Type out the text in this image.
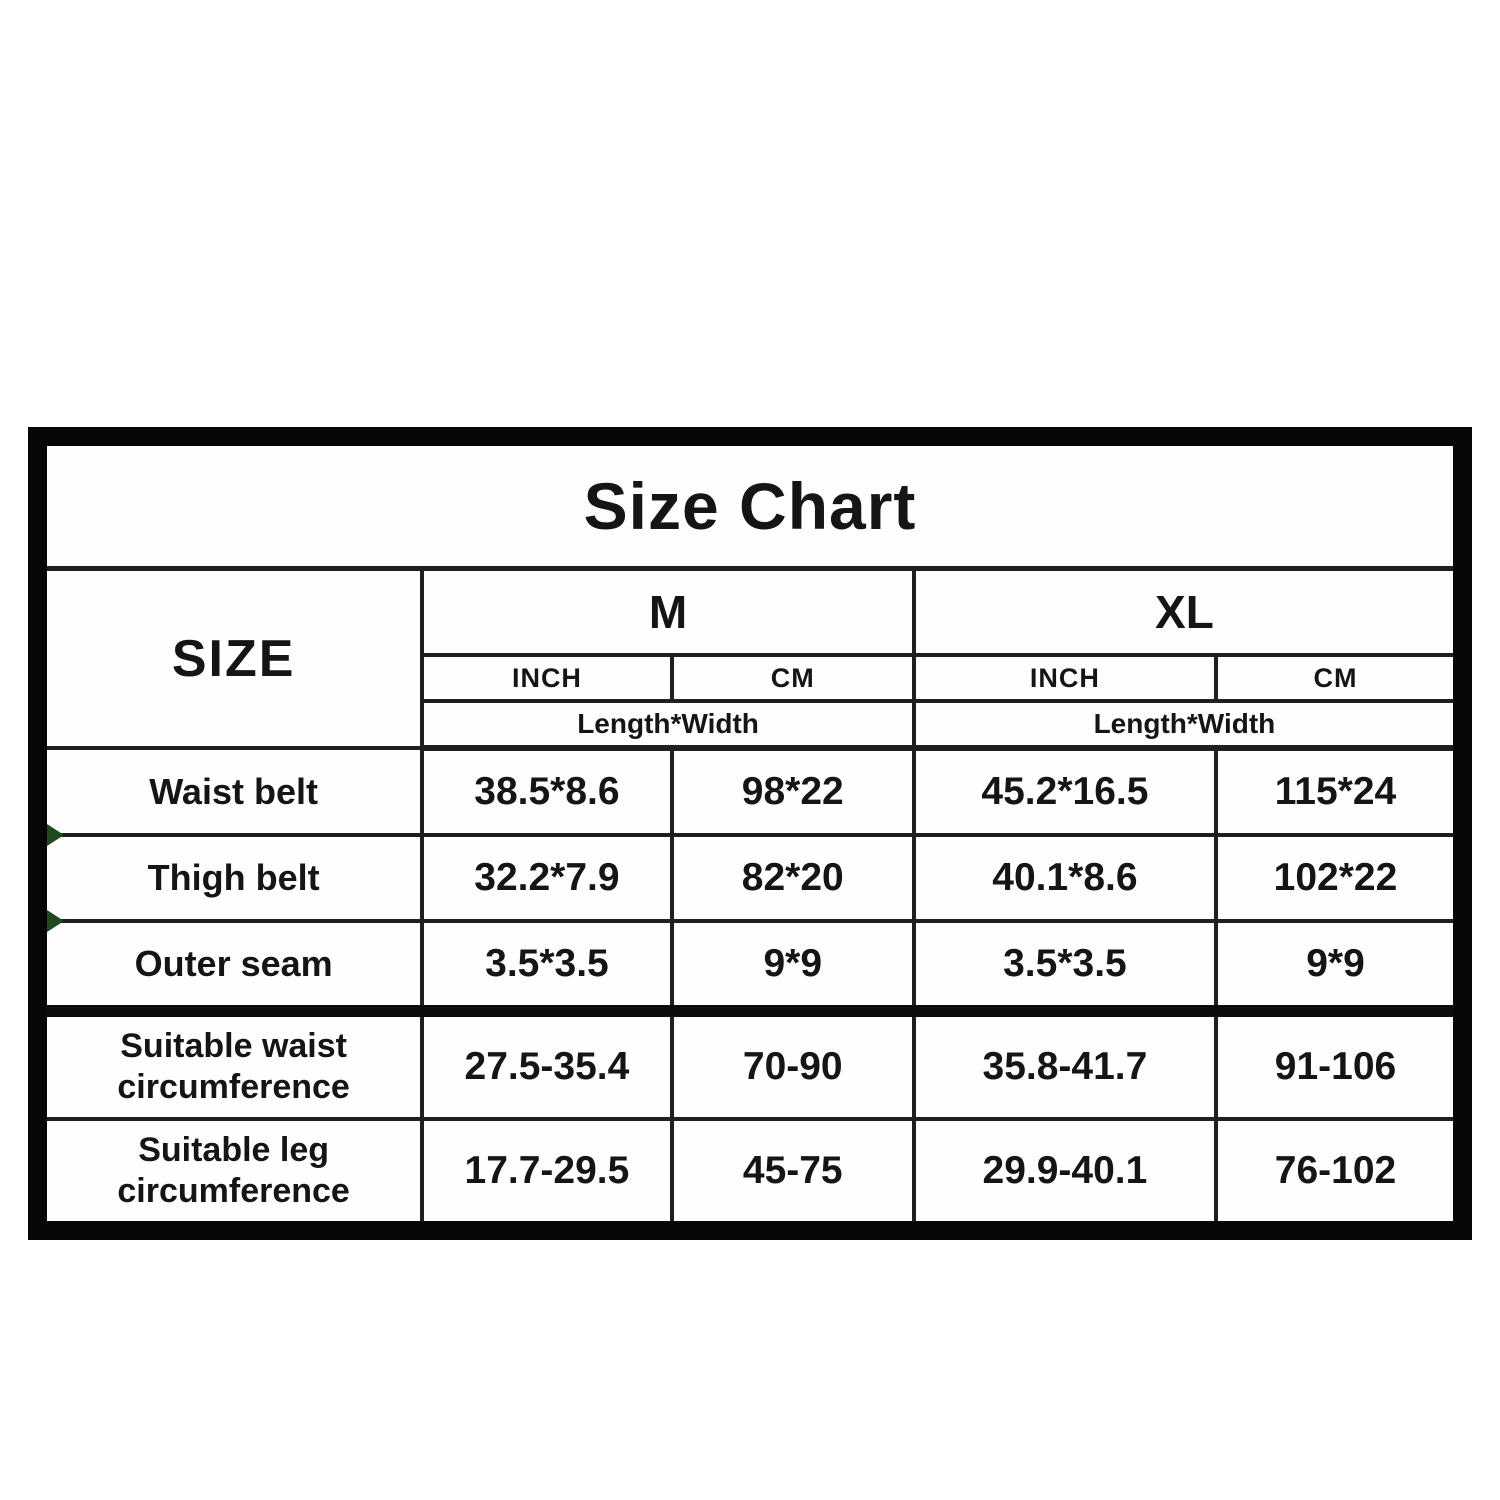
Size Chart				
SIZE	M		XL	
	INCH	CM	INCH	CM
	Length*Width		Length*Width	
Waist belt	38.5*8.6	98*22	45.2*16.5	115*24
Thigh belt	32.2*7.9	82*20	40.1*8.6	102*22
Outer seam	3.5*3.5	9*9	3.5*3.5	9*9
Suitable waist circumference	27.5-35.4	70-90	35.8-41.7	91-106
Suitable leg circumference	17.7-29.5	45-75	29.9-40.1	76-102
